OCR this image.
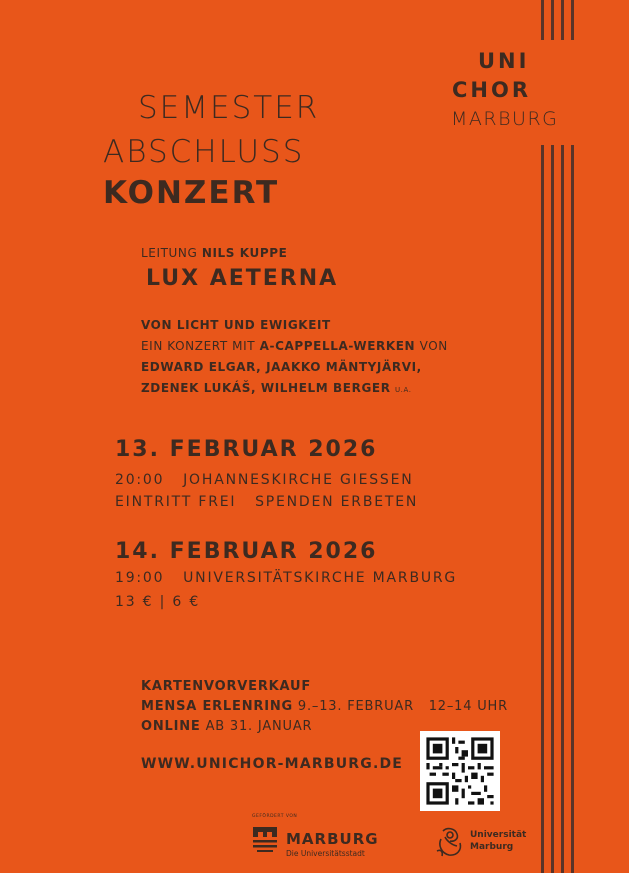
UNI
CHOR
MARBURG
SEMESTER
ABSCHLUSS
KONZERT
LEITUNG NILS KUPPE
LUX AETERNA
VON LICHT UND EWIGKEIT
EIN KONZERT MIT A-CAPPELLA-WERKEN VON
EDWARD ELGAR, JAAKKO MÄNTYJÄRVI,
ZDENEK LUKÁŠ, WILHELM BERGER U.A.
13. FEBRUAR 2026
20:00 JOHANNESKIRCHE GIESSEN
EINTRITT FREI   SPENDEN ERBETEN
14. FEBRUAR 2026
19:00 UNIVERSITÄTSKIRCHE MARBURG
13 € | 6 €
KARTENVORVERKAUF
MENSA ERLENRING 9.–13. FEBRUAR   12–14 UHR
ONLINE AB 31. JANUAR
WWW.UNICHOR-MARBURG.DE
GEFÖRDERT VON
MARBURG
Die Universitätsstadt
Universität
Marburg
